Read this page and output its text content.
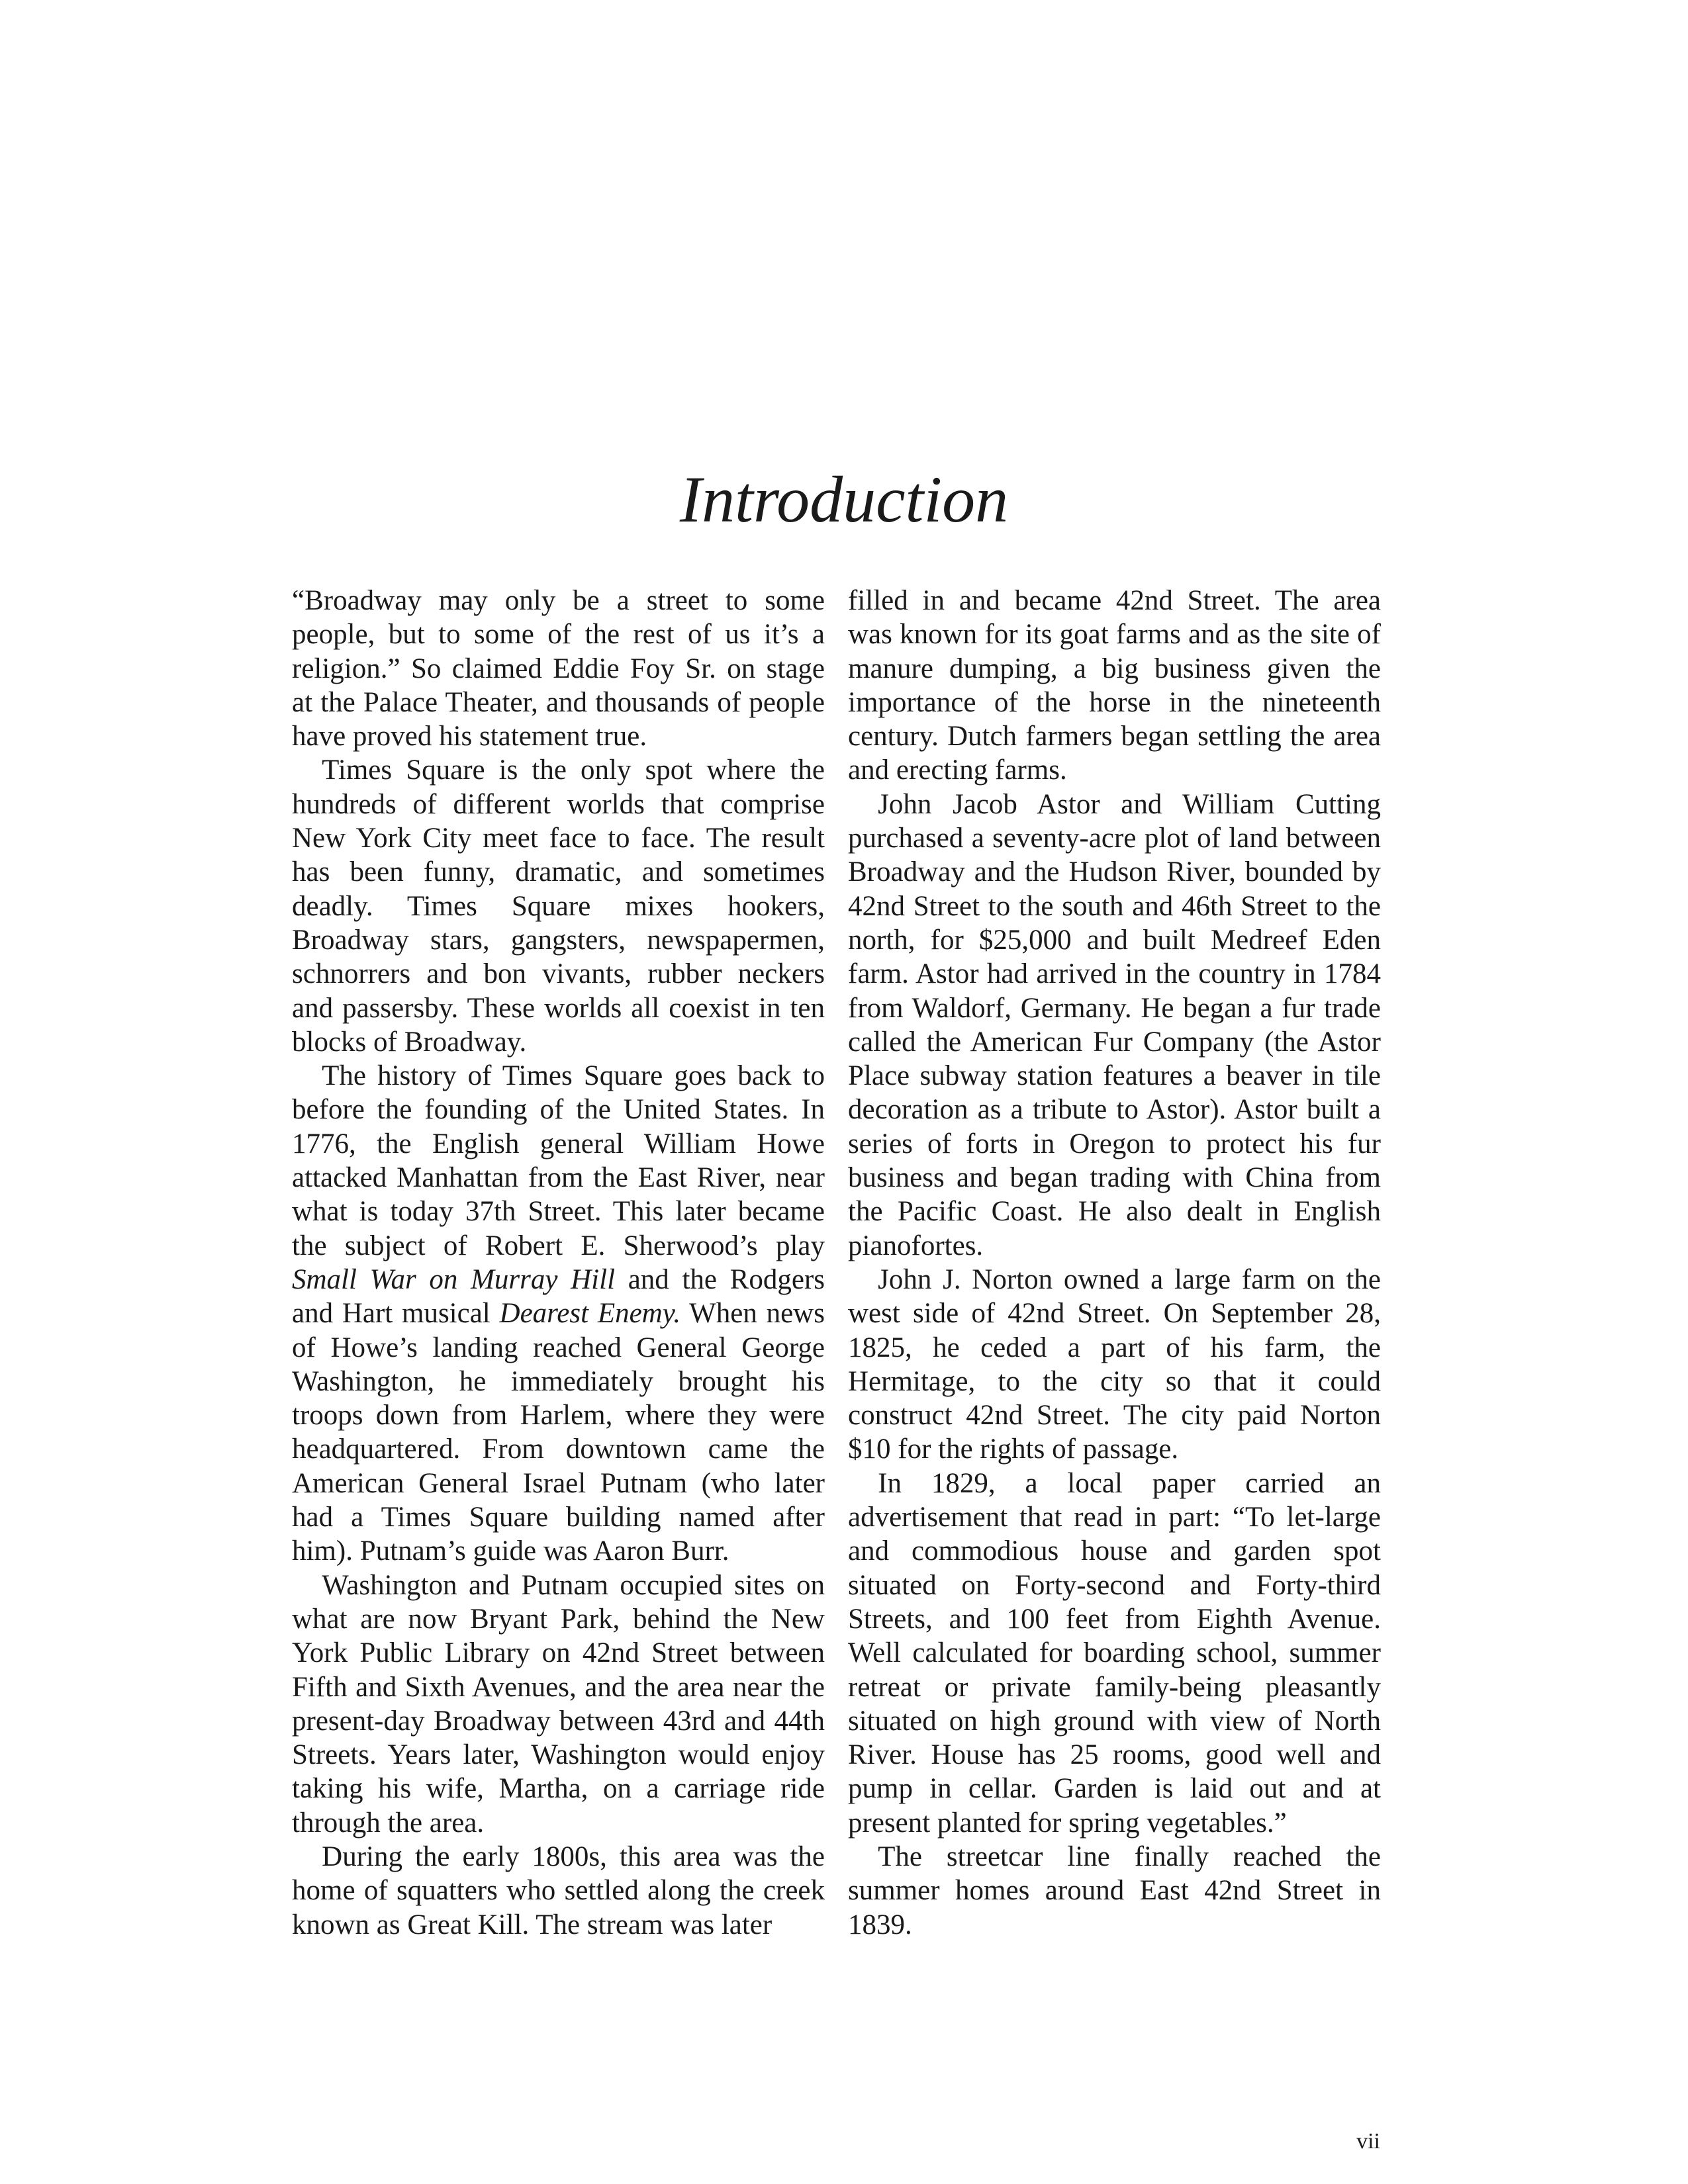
Introduction

“Broadway may only be a street to some people, but to some of the rest of us it’s a religion.” So claimed Eddie Foy Sr. on stage at the Palace Theater, and thousands of people have proved his statement true.

Times Square is the only spot where the hundreds of different worlds that comprise New York City meet face to face. The result has been funny, dramatic, and sometimes deadly. Times Square mixes hookers, Broadway stars, gangsters, newspapermen, schnorrers and bon vivants, rubber neckers and passersby. These worlds all coexist in ten blocks of Broadway.

The history of Times Square goes back to before the founding of the United States. In 1776, the English general William Howe attacked Manhattan from the East River, near what is today 37th Street. This later became the subject of Robert E. Sherwood’s play Small War on Murray Hill and the Rodgers and Hart musical Dearest Enemy. When news of Howe’s landing reached General George Washington, he immediately brought his troops down from Harlem, where they were headquartered. From downtown came the American General Israel Putnam (who later had a Times Square building named after him). Putnam’s guide was Aaron Burr.

Washington and Putnam occupied sites on what are now Bryant Park, behind the New York Public Library on 42nd Street between Fifth and Sixth Avenues, and the area near the present-day Broadway between 43rd and 44th Streets. Years later, Washington would enjoy taking his wife, Martha, on a carriage ride through the area.

During the early 1800s, this area was the home of squatters who settled along the creek known as Great Kill. The stream was later

filled in and became 42nd Street. The area was known for its goat farms and as the site of manure dumping, a big business given the importance of the horse in the nineteenth century. Dutch farmers began settling the area and erecting farms.

John Jacob Astor and William Cutting purchased a seventy-acre plot of land between Broadway and the Hudson River, bounded by 42nd Street to the south and 46th Street to the north, for $25,000 and built Medreef Eden farm. Astor had arrived in the country in 1784 from Waldorf, Germany. He began a fur trade called the American Fur Company (the Astor Place subway station features a beaver in tile decoration as a tribute to Astor). Astor built a series of forts in Oregon to protect his fur business and began trading with China from the Pacific Coast. He also dealt in English pianofortes.

John J. Norton owned a large farm on the west side of 42nd Street. On September 28, 1825, he ceded a part of his farm, the Hermitage, to the city so that it could construct 42nd Street. The city paid Norton $10 for the rights of passage.

In 1829, a local paper carried an advertisement that read in part: “To let-large and commodious house and garden spot situated on Forty-second and Forty-third Streets, and 100 feet from Eighth Avenue. Well calculated for boarding school, summer retreat or private family-being pleasantly situated on high ground with view of North River. House has 25 rooms, good well and pump in cellar. Garden is laid out and at present planted for spring vegetables.”

The streetcar line finally reached the summer homes around East 42nd Street in 1839.

vii
